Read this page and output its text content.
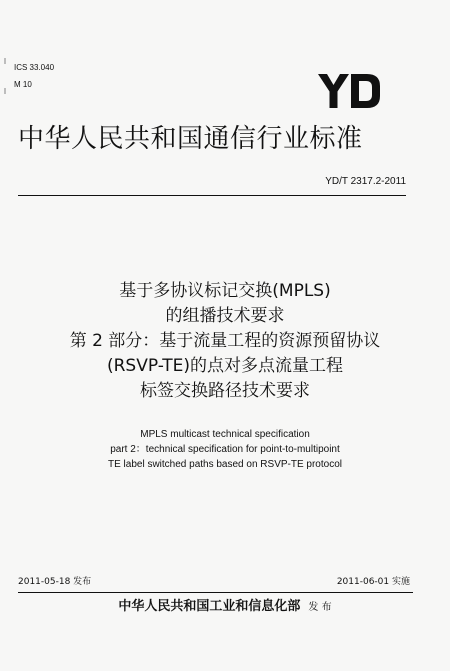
ICS 33.040
M 10
中华人民共和国通信行业标准
YD/T 2317.2-2011
基于多协议标记交换(MPLS)
的组播技术要求
第 2 部分：基于流量工程的资源预留协议
(RSVP-TE)的点对多点流量工程
标签交换路径技术要求
MPLS multicast technical specification
part 2：technical specification for point-to-multipoint
TE label switched paths based on RSVP-TE protocol
2011-05-18 发布	2011-06-01 实施
中华人民共和国工业和信息化部 发 布
